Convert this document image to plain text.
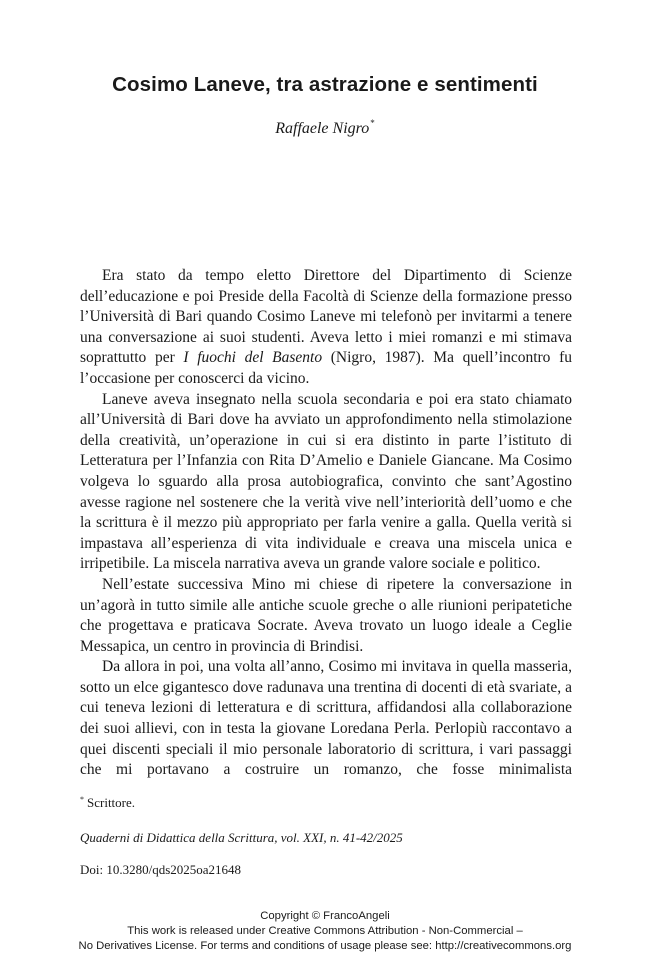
Cosimo Laneve, tra astrazione e sentimenti

Raffaele Nigro*

Era stato da tempo eletto Direttore del Dipartimento di Scienze dell’educazione e poi Preside della Facoltà di Scienze della formazione presso l’Università di Bari quando Cosimo Laneve mi telefonò per invitarmi a tenere una conversazione ai suoi studenti. Aveva letto i miei romanzi e mi stimava soprattutto per I fuochi del Basento (Nigro, 1987). Ma quell’incontro fu l’occasione per conoscerci da vicino.

Laneve aveva insegnato nella scuola secondaria e poi era stato chiamato all’Università di Bari dove ha avviato un approfondimento nella stimolazione della creatività, un’operazione in cui si era distinto in parte l’istituto di Letteratura per l’Infanzia con Rita D’Amelio e Daniele Giancane. Ma Cosimo volgeva lo sguardo alla prosa autobiografica, convinto che sant’Agostino avesse ragione nel sostenere che la verità vive nell’interiorità dell’uomo e che la scrittura è il mezzo più appropriato per farla venire a galla. Quella verità si impastava all’esperienza di vita individuale e creava una miscela unica e irripetibile. La miscela narrativa aveva un grande valore sociale e politico.

Nell’estate successiva Mino mi chiese di ripetere la conversazione in un’agorà in tutto simile alle antiche scuole greche o alle riunioni peripatetiche che progettava e praticava Socrate. Aveva trovato un luogo ideale a Ceglie Messapica, un centro in provincia di Brindisi.

Da allora in poi, una volta all’anno, Cosimo mi invitava in quella masseria, sotto un elce gigantesco dove radunava una trentina di docenti di età svariate, a cui teneva lezioni di letteratura e di scrittura, affidandosi alla collaborazione dei suoi allievi, con in testa la giovane Loredana Perla. Perlopiù raccontavo a quei discenti speciali il mio personale laboratorio di scrittura, i vari passaggi che mi portavano a costruire un romanzo, che fosse minimalista

* Scrittore.

Quaderni di Didattica della Scrittura, vol. XXI, n. 41-42/2025

Doi: 10.3280/qds2025oa21648

Copyright © FrancoAngeli
This work is released under Creative Commons Attribution - Non-Commercial –
No Derivatives License. For terms and conditions of usage please see: http://creativecommons.org
